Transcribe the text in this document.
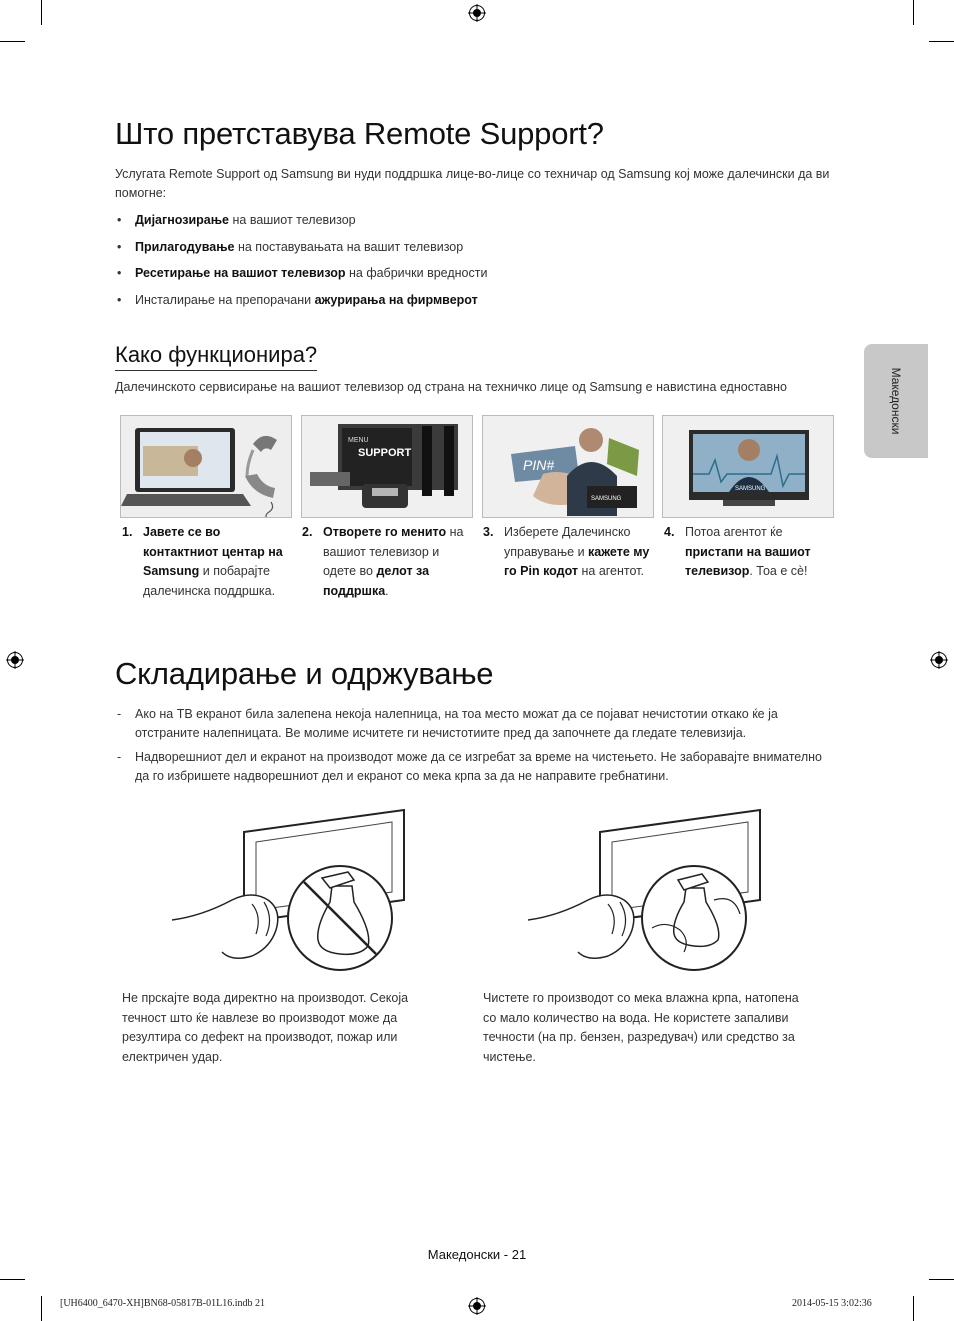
Македонски
Што претставува Remote Support?
Услугата Remote Support од Samsung ви нуди поддршка лице-во-лице со техничар од Samsung кој може далечински да ви помогне:
• Дијагнозирање на вашиот телевизор
• Прилагодување на поставувањата на вашит телевизор
• Ресетирање на вашиот телевизор на фабрички вредности
• Инсталирање на препорачани ажурирања на фирмверот
Како функционира?
Далечинското сервисирање на вашиот телевизор од страна на техничко лице од Samsung е навистина едноставно
MENU
SUPPORT
PIN#
SAMSUNG
SAMSUNG
1. Јавете се во контактниот центар на Samsung и побарајте далечинска поддршка.
2. Отворете го менито на вашиот телевизор и одете во делот за поддршка.
3. Изберете Далечинско управување и кажете му го Pin кодот на агентот.
4. Потоа агентот ќе пристапи на вашиот телевизор. Тоа е сè!
Складирање и одржување
- Ако на ТВ екранот била залепена некоја налепница, на тоа место можат да се појават нечистотии откако ќе ја отстраните налепницата. Ве молиме исчитете ги нечистотиите пред да започнете да гледате телевизија.
- Надворешниот дел и екранот на производот може да се изгребат за време на чистењето. Не заборавајте внимателно да го избришете надворешниот дел и екранот со мека крпа за да не направите гребнатини.
Не прскајте вода директно на производот. Секоја течност што ќе навлезе во производот може да резултира со дефект на производот, пожар или електричен удар.
Чистете го производот со мека влажна крпа, натопена со мало количество на вода. Не користете запаливи течности (на пр. бензен, разредувач) или средство за чистење.
Македонски - 21
[UH6400_6470-XH]BN68-05817B-01L16.indb 21	2014-05-15 3:02:36
